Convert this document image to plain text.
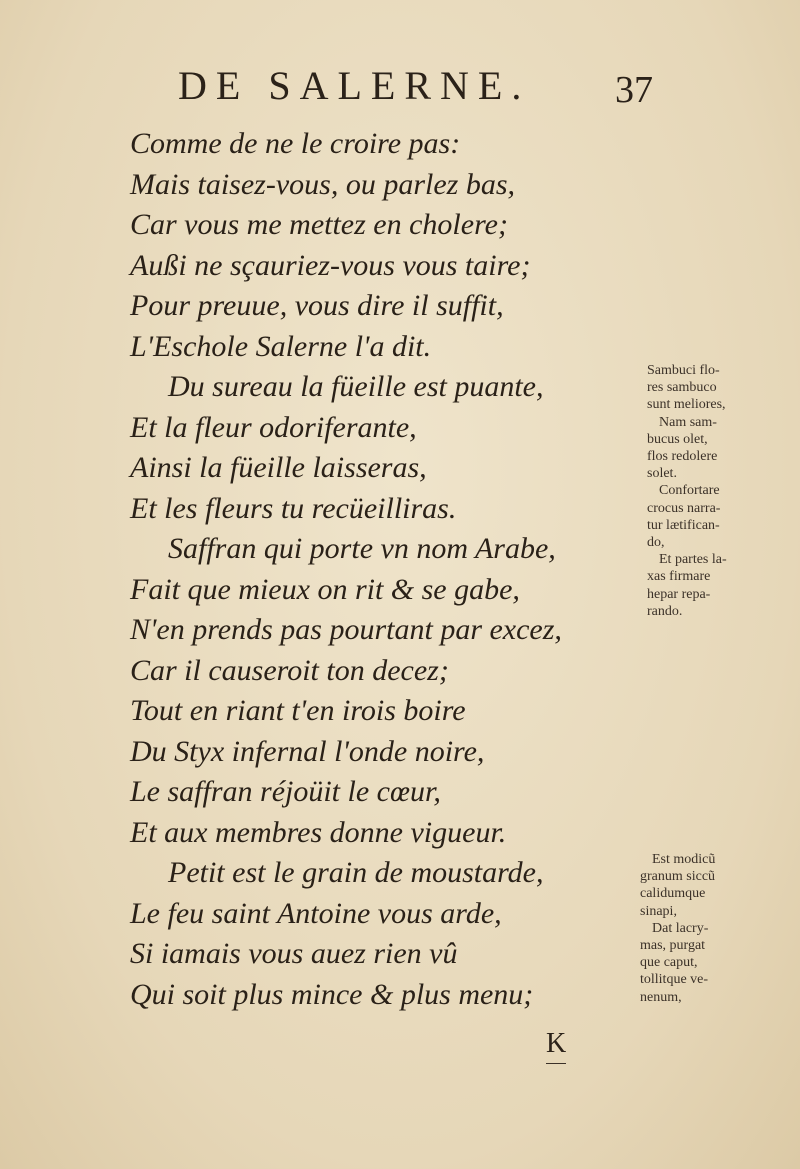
DE SALERNE. 37
Comme de ne le croire pas:
Mais taisez-vous, ou parlez bas,
Car vous me mettez en cholere;
Außi ne sçauriez-vous vous taire;
Pour preuue, vous dire il suffit,
L'Eschole Salerne l'a dit.
Du sureau la füeille est puante,
Et la fleur odoriferante,
Ainsi la füeille laisseras,
Et les fleurs tu recüeilliras.
Saffran qui porte vn nom Arabe,
Fait que mieux on rit & se gabe,
N'en prends pas pourtant par excez,
Car il causeroit ton decez;
Tout en riant t'en irois boire
Du Styx infernal l'onde noire,
Le saffran réjoüit le cœur,
Et aux membres donne vigueur.
Petit est le grain de moustarde,
Le feu saint Antoine vous arde,
Si iamais vous auez rien vû
Qui soit plus mince & plus menu;
Sambuci flo-
res sambuco
sunt meliores,
Nam sam-
bucus olet,
flos redolere
solet.
Confortare
crocus narra-
tur lætifican-
do,
Et partes la-
xas firmare
hepar repa-
rando.
Est modicũ
granum siccũ
calidumque
sinapi,
Dat lacry-
mas, purgat
que caput,
tollitque ve-
nenum,
K
